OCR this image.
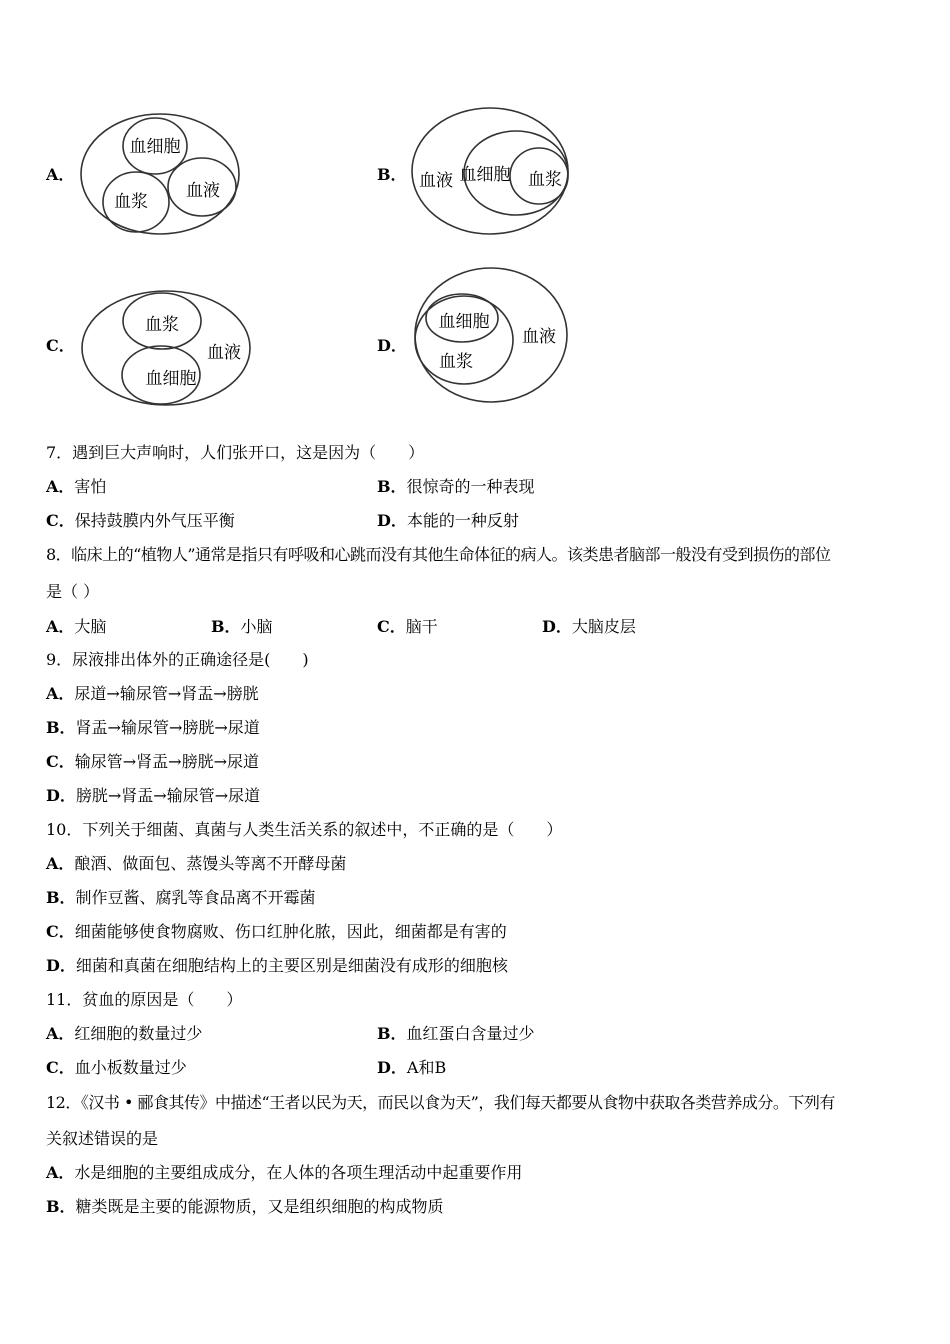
A．
血细胞
血浆
血液
B． 血液 血细胞 血浆
C．
血浆
血液
血细胞
D．
血细胞
血液
血浆
7．遇到巨大声响时，人们张开口，这是因为（　　）
A．害怕	B．很惊奇的一种表现
C．保持鼓膜内外气压平衡	D．本能的一种反射
8．临床上的“植物人”通常是指只有呼吸和心跳而没有其他生命体征的病人。该类患者脑部一般没有受到损伤的部位
是（ ）
A．大脑	B．小脑	C．脑干	D．大脑皮层
9．尿液排出体外的正确途径是(　　)
A．尿道→输尿管→肾盂→膀胱
B．肾盂→输尿管→膀胱→尿道
C．输尿管→肾盂→膀胱→尿道
D．膀胱→肾盂→输尿管→尿道
10．下列关于细菌、真菌与人类生活关系的叙述中，不正确的是（　　）
A．酿酒、做面包、蒸馒头等离不开酵母菌
B．制作豆酱、腐乳等食品离不开霉菌
C．细菌能够使食物腐败、伤口红肿化脓，因此，细菌都是有害的
D．细菌和真菌在细胞结构上的主要区别是细菌没有成形的细胞核
11．贫血的原因是（　　）
A．红细胞的数量过少	B．血红蛋白含量过少
C．血小板数量过少	D．A和B
12．《汉书 • 郦食其传》中描述“王者以民为天，而民以食为天”，我们每天都要从食物中获取各类营养成分。下列有
关叙述错误的是
A．水是细胞的主要组成成分，在人体的各项生理活动中起重要作用
B．糖类既是主要的能源物质，又是组织细胞的构成物质
